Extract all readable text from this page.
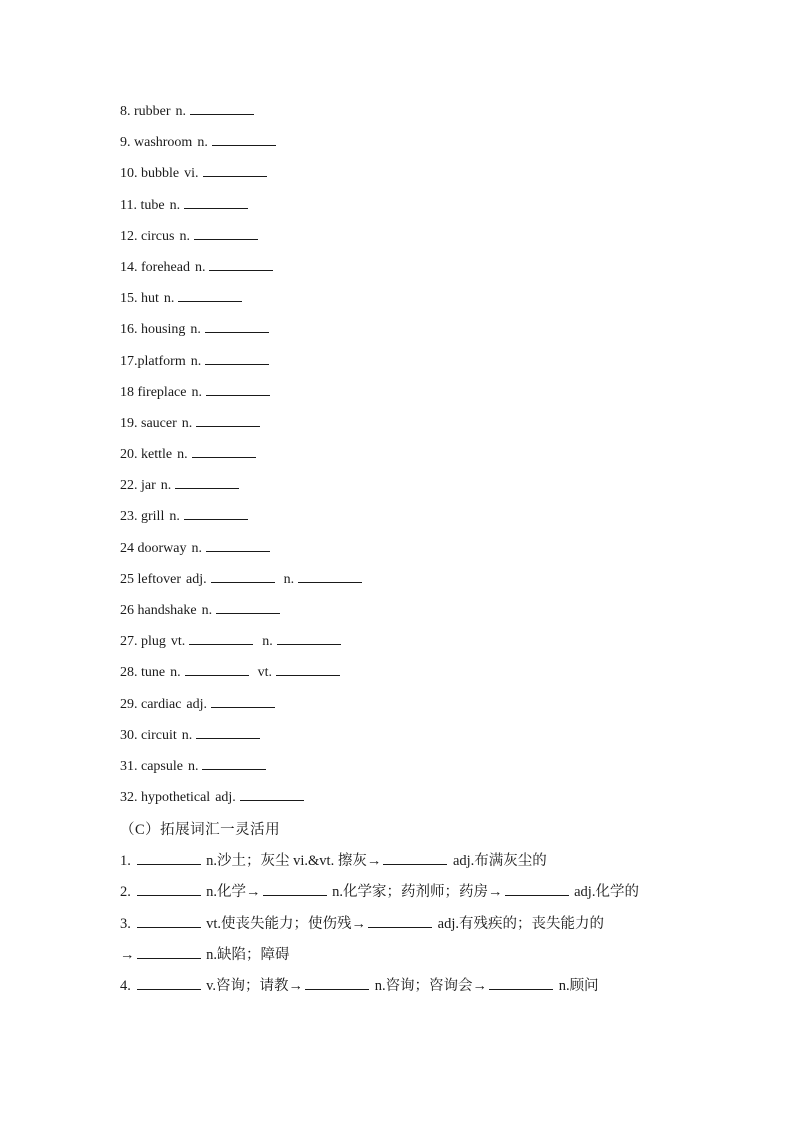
8. rubber n.
9. washroom n.
10. bubble vi.
11. tube n.
12. circus n.
14. forehead n.
15. hut n.
16. housing n.
17.platform n.
18 fireplace n.
19. saucer n.
20. kettle n.
22. jar n.
23. grill n.
24 doorway n.
25 leftover adj.	n.
26 handshake n.
27. plug vt.	n.
28. tune n.	vt.
29. cardiac adj.
30. circuit n.
31. capsule n.
32. hypothetical adj.
（C）拓展词汇一灵活用
1.	n.沙土；灰尘 vi.&vt. 擦灰→	adj.布满灰尘的
2.	n.化学→	n.化学家；药剂师；药房→	adj.化学的
3.	vt.使丧失能力；使伤残→	adj.有残疾的；丧失能力的
→	n.缺陷；障碍
4.	v.咨询；请教→	n.咨询；咨询会→	n.顾问
